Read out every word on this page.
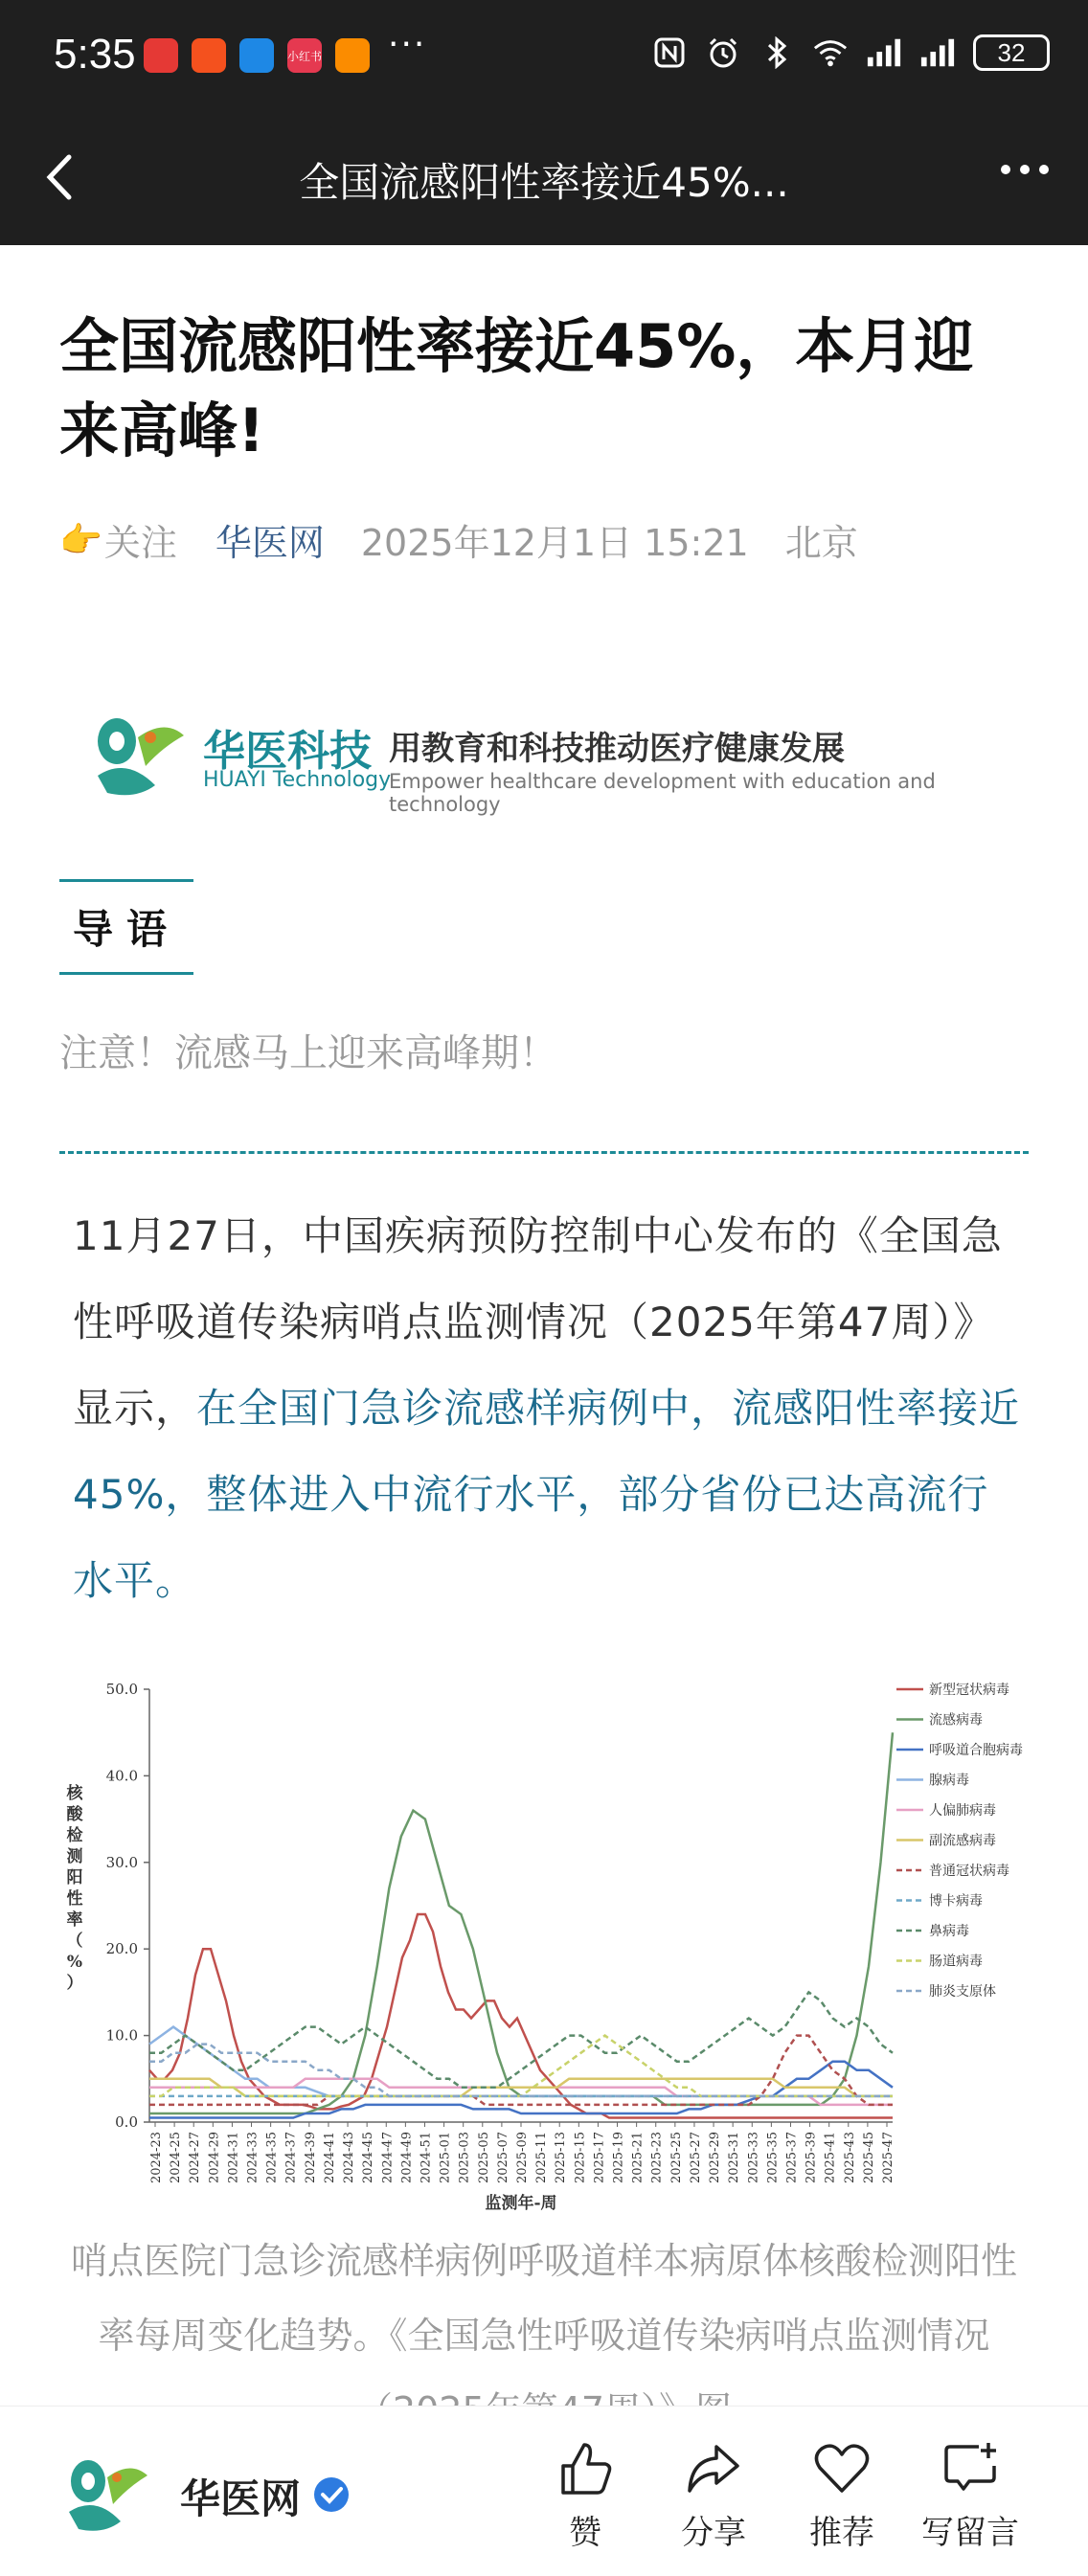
5:35	小红书 ···	32
全国流感阳性率接近45%...
全国流感阳性率接近45%，本月迎来高峰!
👉 关注 华医网 2025年12月1日 15:21 北京
华医科技
HUAYI Technology
用教育和科技推动医疗健康发展
Empower healthcare development with education and technology
导语
注意！流感马上迎来高峰期！
11月27日，中国疾病预防控制中心发布的《全国急性呼吸道传染病哨点监测情况（2025年第47周）》显示，在全国门急诊流感样病例中，流感阳性率接近45%，整体进入中流行水平，部分省份已达高流行水平。
0.0
10.0
20.0
30.0
40.0
50.0
核
酸
检
测
阳
性
率
（
%
）
2024-23 2024-25 2024-27 2024-29 2024-31 2024-33 2024-35 2024-37 2024-39 2024-41 2024-43 2024-45 2024-47 2024-49 2024-51 2025-01 2025-03 2025-05 2025-07 2025-09 2025-11 2025-13 2025-15 2025-17 2025-19 2025-21 2025-23 2025-25 2025-27 2025-29 2025-31 2025-33 2025-35 2025-37 2025-39 2025-41 2025-43 2025-45 2025-47
监测年-周
新型冠状病毒
流感病毒
呼吸道合胞病毒
腺病毒
人偏肺病毒
副流感病毒
普通冠状病毒
博卡病毒
鼻病毒
肠道病毒
肺炎支原体
哨点医院门急诊流感样病例呼吸道样本病原体核酸检测阳性率每周变化趋势。《全国急性呼吸道传染病哨点监测情况
华医网
赞	分享	推荐	写留言
